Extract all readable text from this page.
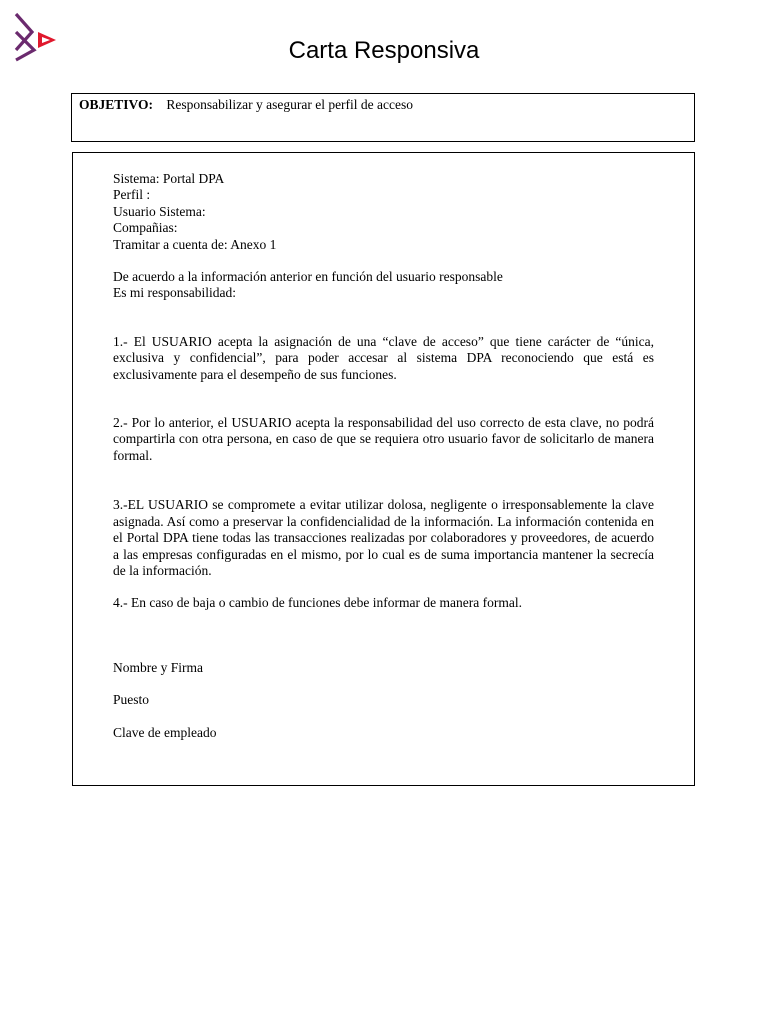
Carta Responsiva
OBJETIVO: Responsabilizar y asegurar el perfil de acceso
Sistema: Portal DPA
Perfil :
Usuario Sistema:
Compañias:
Tramitar a cuenta de: Anexo 1
De acuerdo a la información anterior en función del usuario responsable
Es mi responsabilidad:

1.- El USUARIO acepta la asignación de una “clave de acceso” que tiene carácter de “única, exclusiva y confidencial”, para poder accesar al sistema DPA reconociendo que está es exclusivamente para el desempeño de sus funciones.

2.- Por lo anterior, el USUARIO acepta la responsabilidad del uso correcto de esta clave, no podrá compartirla con otra persona, en caso de que se requiera otro usuario favor de solicitarlo de manera formal.

3.-EL USUARIO se compromete a evitar utilizar dolosa, negligente o irresponsablemente la clave asignada. Así como a preservar la confidencialidad de la información. La información contenida en el Portal DPA tiene todas las transacciones realizadas por colaboradores y proveedores, de acuerdo a las empresas configuradas en el mismo, por lo cual es de suma importancia mantener la secrecía de la información.

4.- En caso de baja o cambio de funciones debe informar de manera formal.

Nombre y Firma
Puesto
Clave de empleado
